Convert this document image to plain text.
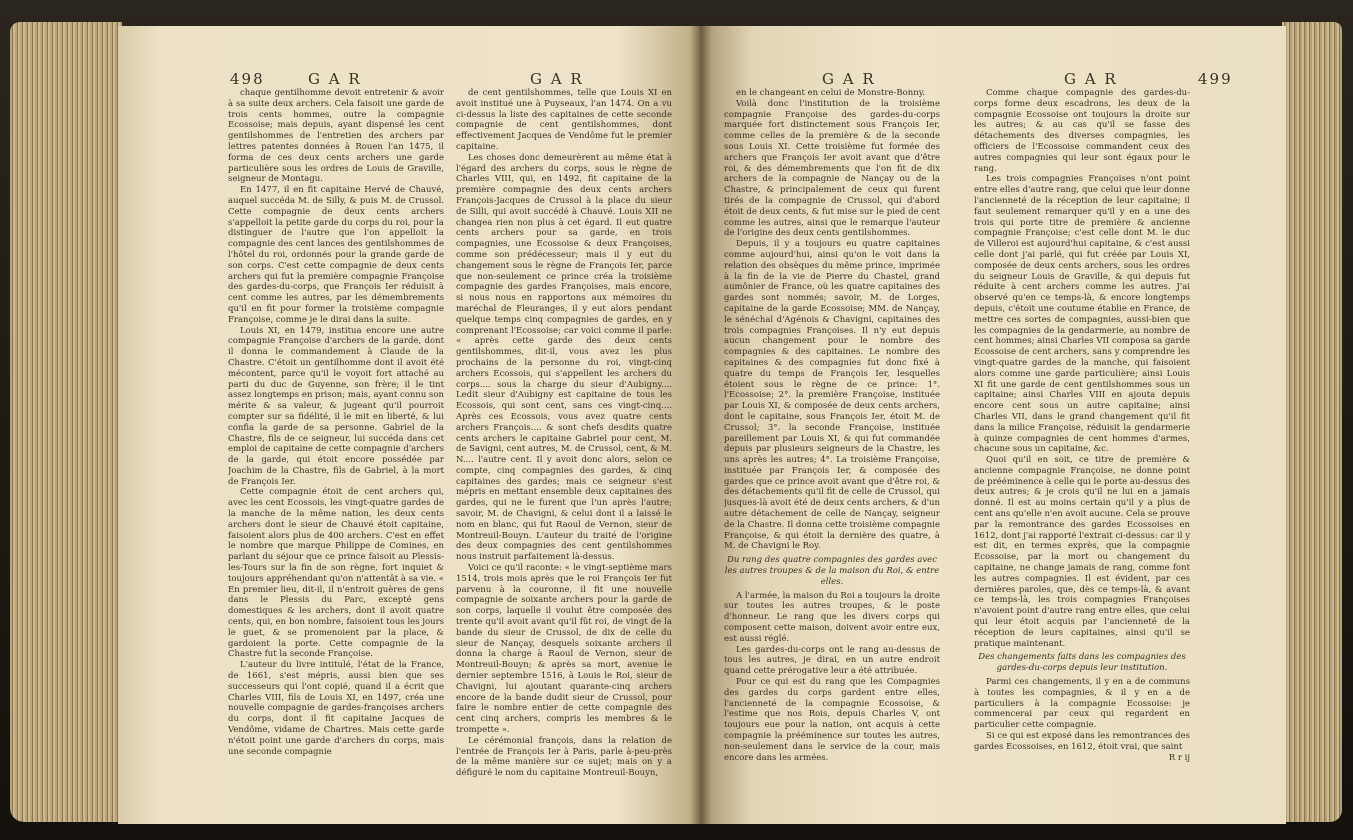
498	G A R	G A R

chaque gentilhomme devoit entretenir & avoir à sa suite deux archers. Cela faisoit une garde de trois cents hommes, outre la compagnie Ecossoise; mais depuis, ayant dispensé les cent gentilshommes de l'entretien des archers par lettres patentes données à Rouen l'an 1475, il forma de ces deux cents archers une garde particulière sous les ordres de Louis de Graville, seigneur de Montagu.

En 1477, il en fit capitaine Hervé de Chauvé, auquel succéda M. de Silly, & puis M. de Crussol. Cette compagnie de deux cents archers s'appelloit la petite garde du corps du roi, pour la distinguer de l'autre que l'on appelloit la compagnie des cent lances des gentilshommes de l'hôtel du roi, ordonnés pour la grande garde de son corps. C'est cette compagnie de deux cents archers qui fut la première compagnie Françoise des gardes-du-corps, que François Ier réduisit à cent comme les autres, par les démembrements qu'il en fit pour former la troisième compagnie Françoise, comme je le dirai dans la suite.

Louis XI, en 1479, institua encore une autre compagnie Françoise d'archers de la garde, dont il donna le commandement à Claude de la Chastre. C'étoit un gentilhomme dont il avoit été mécontent, parce qu'il le voyoit fort attaché au parti du duc de Guyenne, son frère; il le tint assez longtemps en prison; mais, ayant connu son mérite & sa valeur, & jugeant qu'il pourroit compter sur sa fidélité, il le mit en liberté, & lui confia la garde de sa personne. Gabriel de la Chastre, fils de ce seigneur, lui succéda dans cet emploi de capitaine de cette compagnie d'archers de la garde, qui étoit encore possédée par Joachim de la Chastre, fils de Gabriel, à la mort de François Ier.

Cette compagnie étoit de cent archers qui, avec les cent Ecossois, les vingt-quatre gardes de la manche de la même nation, les deux cents archers dont le sieur de Chauvé étoit capitaine, faisoient alors plus de 400 archers. C'est en effet le nombre que marque Philippe de Comines, en parlant du séjour que ce prince faisoit au Plessis-les-Tours sur la fin de son règne, fort inquiet & toujours appréhendant qu'on n'attentât à sa vie. « En premier lieu, dit-il, il n'entroit guères de gens dans le Plessis du Parc, excepté gens domestiques & les archers, dont il avoit quatre cents, qui, en bon nombre, faisoient tous les jours le guet, & se promenoient par la place, & gardoient la porte. Cette compagnie de la Chastre fut la seconde Françoise.

L'auteur du livre intitulé, l'état de la France, de 1661, s'est mépris, aussi bien que ses successeurs qui l'ont copié, quand il a écrit que Charles VIII, fils de Louis XI, en 1497, créa une nouvelle compagnie de gardes-françoises archers du corps, dont il fit capitaine Jacques de Vendôme, vidame de Chartres. Mais cette garde n'étoit point une garde d'archers du corps, mais une seconde compagnie

de cent gentilshommes, telle que Louis XI en avoit institué une à Puyseaux, l'an 1474. On a vu ci-dessus la liste des capitaines de cette seconde compagnie de cent gentilshommes, dont effectivement Jacques de Vendôme fut le premier capitaine.

Les choses donc demeurèrent au même état à l'égard des archers du corps, sous le règne de Charles VIII, qui, en 1492, fit capitaine de la première compagnie des deux cents archers François-Jacques de Crussol à la place du sieur de Silli, qui avoit succédé à Chauvé. Louis XII ne changea rien non plus à cet égard. Il eut quatre cents archers pour sa garde, en trois compagnies, une Ecossoise & deux Françoises, comme son prédécesseur; mais il y eut du changement sous le règne de François Ier, parce que non-seulement ce prince créa la troisième compagnie des gardes Françoises, mais encore, si nous nous en rapportons aux mémoires du maréchal de Fleuranges, il y eut alors pendant quelque temps cinq compagnies de gardes, en y comprenant l'Ecossoise; car voici comme il parle: « après cette garde des deux cents gentilshommes, dit-il, vous avez les plus prochains de la personne du roi, vingt-cinq archers Ecossois, qui s'appellent les archers du corps.... sous la charge du sieur d'Aubigny.... Ledit sieur d'Aubigny est capitaine de tous les Ecossois, qui sont cent, sans ces vingt-cinq.... Après ces Ecossois, vous avez quatre cents archers François.... & sont chefs desdits quatre cents archers le capitaine Gabriel pour cent, M. de Savigni, cent autres, M. de Crussol, cent, & M. N.... l'autre cent. Il y avoit donc alors, selon ce compte, cinq compagnies des gardes, & cinq capitaines des gardes; mais ce seigneur s'est mépris en mettant ensemble deux capitaines des gardes, qui ne le furent que l'un après l'autre; savoir, M. de Chavigni, & celui dont il a laissé le nom en blanc, qui fut Raoul de Vernon, sieur de Montreuil-Bouyn. L'auteur du traité de l'origine des deux compagnies des cent gentilshommes nous instruit parfaitement là-dessus.

Voici ce qu'il raconte: « le vingt-septième mars 1514, trois mois après que le roi François Ier fut parvenu à la couronne, il fit une nouvelle compagnie de soixante archers pour la garde de son corps, laquelle il voulut être composée des trente qu'il avoit avant qu'il fût roi, de vingt de la bande du sieur de Crussol, de dix de celle du sieur de Nançay, desquels soixante archers il donna la charge à Raoul de Vernon, sieur de Montreuil-Bouyn; & après sa mort, avenue le dernier septembre 1516, à Louis le Roi, sieur de Chavigni, lui ajoutant quarante-cinq archers encore de la bande dudit sieur de Crussol, pour faire le nombre entier de cette compagnie des cent cinq archers, compris les membres & le trompette ».

Le cérémonial françois, dans la relation de l'entrée de François Ier à Paris, parle à-peu-près de la même manière sur ce sujet; mais on y a défiguré le nom du capitaine Montreuil-Bouyn,

G A R	G A R	499

en le changeant en celui de Monstre-Bonny.

Voilà donc l'institution de la troisième compagnie Françoise des gardes-du-corps marquée fort distinctement sous François Ier, comme celles de la première & de la seconde sous Louis XI. Cette troisième fut formée des archers que François Ier avoit avant que d'être roi, & des démembrements que l'on fit de dix archers de la compagnie de Nançay ou de la Chastre, & principalement de ceux qui furent tirés de la compagnie de Crussol, qui d'abord étoit de deux cents, & fut mise sur le pied de cent comme les autres, ainsi que le remarque l'auteur de l'origine des deux cents gentilshommes.

Depuis, il y a toujours eu quatre capitaines comme aujourd'hui, ainsi qu'on le voit dans la relation des obsèques du même prince, imprimée à la fin de la vie de Pierre du Chastel, grand aumônier de France, où les quatre capitaines des gardes sont nommés; savoir, M. de Lorges, capitaine de la garde Ecossoise; MM. de Nançay, le sénéchal d'Agénois & Chavigni, capitaines des trois compagnies Françoises. Il n'y eut depuis aucun changement pour le nombre des compagnies & des capitaines. Le nombre des capitaines & des compagnies fut donc fixé à quatre du temps de François Ier, lesquelles étoient sous le règne de ce prince: 1°. l'Ecossoise; 2°. la première Françoise, instituée par Louis XI, & composée de deux cents archers, dont le capitaine, sous François Ier, étoit M. de Crussol; 3°. la seconde Françoise, instituée pareillement par Louis XI, & qui fut commandée depuis par plusieurs seigneurs de la Chastre, les uns après les autres; 4°. La troisième Françoise, instituée par François Ier, & composée des gardes que ce prince avoit avant que d'être roi, & des détachements qu'il fit de celle de Crussol, qui jusques-là avoit été de deux cents archers, & d'un autre détachement de celle de Nançay, seigneur de la Chastre. Il donna cette troisième compagnie Françoise, & qui étoit la dernière des quatre, à M. de Chavigni le Roy.

Du rang des quatre compagnies des gardes avec les autres troupes & de la maison du Roi, & entre elles.

A l'armée, la maison du Roi a toujours la droite sur toutes les autres troupes, & le poste d'honneur. Le rang que les divers corps qui composent cette maison, doivent avoir entre eux, est aussi réglé.

Les gardes-du-corps ont le rang au-dessus de tous les autres, je dirai, en un autre endroit quand cette prérogative leur a été attribuée.

Pour ce qui est du rang que les Compagnies des gardes du corps gardent entre elles, l'ancienneté de la compagnie Ecossoise, & l'estime que nos Rois, depuis Charles V, ont toujours eue pour la nation, ont acquis à cette compagnie la prééminence sur toutes les autres, non-seulement dans le service de la cour, mais encore dans les armées.

Comme chaque compagnie des gardes-du-corps forme deux escadrons, les deux de la compagnie Ecossoise ont toujours la droite sur les autres; & au cas qu'il se fasse des détachements des diverses compagnies, les officiers de l'Ecossoise commandent ceux des autres compagnies qui leur sont égaux pour le rang.

Les trois compagnies Françoises n'ont point entre elles d'autre rang, que celui que leur donne l'ancienneté de la réception de leur capitaine; il faut seulement remarquer qu'il y en a une des trois qui porte titre de première & ancienne compagnie Françoise; c'est celle dont M. le duc de Villeroi est aujourd'hui capitaine, & c'est aussi celle dont j'ai parlé, qui fut créée par Louis XI, composée de deux cents archers, sous les ordres du seigneur Louis de Graville, & qui depuis fut réduite à cent archers comme les autres. J'ai observé qu'en ce temps-là, & encore longtemps depuis, c'étoit une coutume établie en France, de mettre ces sortes de compagnies, aussi-bien que les compagnies de la gendarmerie, au nombre de cent hommes; ainsi Charles VII composa sa garde Ecossoise de cent archers, sans y comprendre les vingt-quatre gardes de la manche, qui faisoient alors comme une garde particulière; ainsi Louis XI fit une garde de cent gentilshommes sous un capitaine; ainsi Charles VIII en ajouta depuis encore cent sous un autre capitaine; ainsi Charles VII, dans le grand changement qu'il fit dans la milice Françoise, réduisit la gendarmerie à quinze compagnies de cent hommes d'armes, chacune sous un capitaine, &c.

Quoi qu'il en soit, ce titre de première & ancienne compagnie Françoise, ne donne point de prééminence à celle qui le porte au-dessus des deux autres; & je crois qu'il ne lui en a jamais donné. Il est au moins certain qu'il y a plus de cent ans qu'elle n'en avoit aucune. Cela se prouve par la remontrance des gardes Ecossoises en 1612, dont j'ai rapporté l'extrait ci-dessus: car il y est dit, en termes exprès, que la compagnie Ecossoise, par la mort ou changement du capitaine, ne change jamais de rang, comme font les autres compagnies. Il est évident, par ces dernières paroles, que, dès ce temps-là, & avant ce temps-là, les trois compagnies Françoises n'avoient point d'autre rang entre elles, que celui qui leur étoit acquis par l'ancienneté de la réception de leurs capitaines, ainsi qu'il se pratique maintenant.

Des changements faits dans les compagnies des gardes-du-corps depuis leur institution.

Parmi ces changements, il y en a de communs à toutes les compagnies, & il y en a de particuliers à la compagnie Ecossoise: je commencerai par ceux qui regardent en particulier cette compagnie.

Si ce qui est exposé dans les remontrances des gardes Ecossoises, en 1612, étoit vrai, que saint

R r ij
